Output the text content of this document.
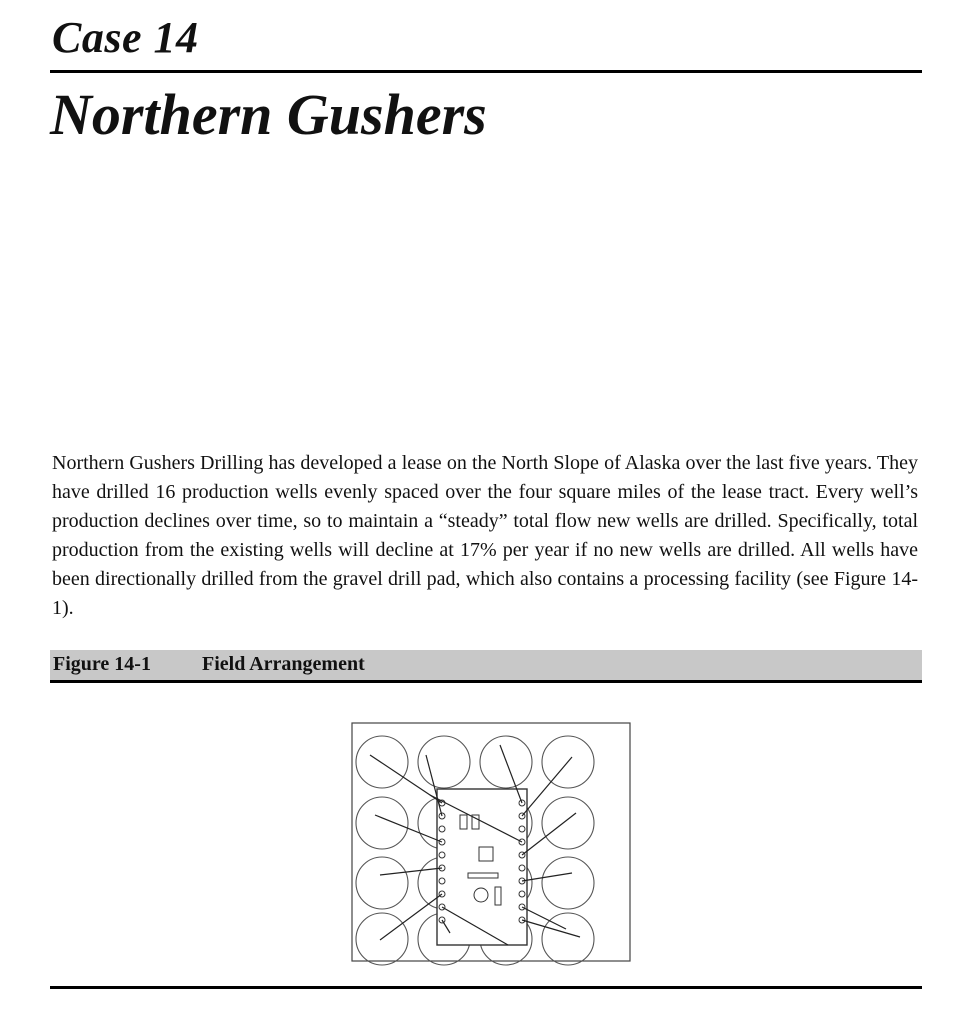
Case 14
Northern Gushers

Northern Gushers Drilling has developed a lease on the North Slope of Alaska over the last five years. They have drilled 16 production wells evenly spaced over the four square miles of the lease tract. Every well’s production declines over time, so to maintain a “steady” total flow new wells are drilled. Specifically, total production from the existing wells will decline at 17% per year if no new wells are drilled. All wells have been directionally drilled from the gravel drill pad, which also contains a processing facility (see Figure 14-1).

Figure 14-1	Field Arrangement
